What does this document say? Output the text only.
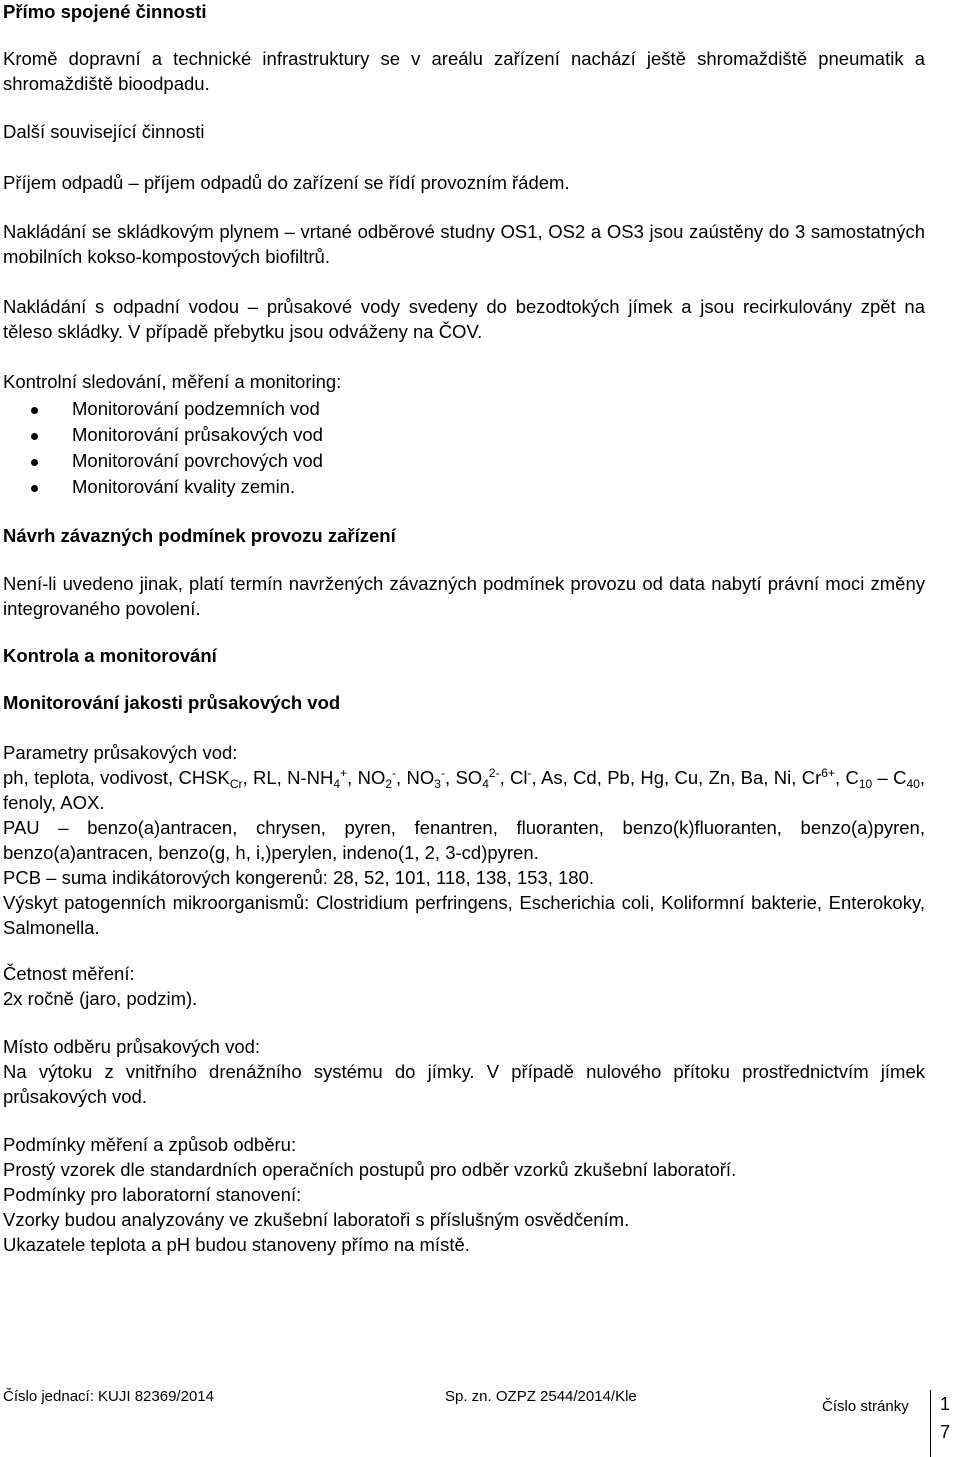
Přímo spojené činnosti

Kromě dopravní a technické infrastruktury se v areálu zařízení nachází ještě shromaždiště pneumatik a shromaždiště bioodpadu.

Další související činnosti

Příjem odpadů – příjem odpadů do zařízení se řídí provozním řádem.

Nakládání se skládkovým plynem – vrtané odběrové studny OS1, OS2 a OS3 jsou zaústěny do 3 samostatných mobilních kokso-kompostových biofiltrů.

Nakládání s odpadní vodou – průsakové vody svedeny do bezodtokých jímek a jsou recirkulovány zpět na těleso skládky. V případě přebytku jsou odváženy na ČOV.

Kontrolní sledování, měření a monitoring:

Monitorování podzemních vod
Monitorování průsakových vod
Monitorování povrchových vod
Monitorování kvality zemin.

Návrh závazných podmínek provozu zařízení

Není-li uvedeno jinak, platí termín navržených závazných podmínek provozu od data nabytí právní moci změny integrovaného povolení.

Kontrola a monitorování

Monitorování jakosti průsakových vod

Parametry průsakových vod:

ph, teplota, vodivost, $CHSK_{Cr}$, RL, $N-NH_4^+$, $NO_2^-$, $NO_3^-$, $SO_4^{2-}$, Cl-, As, Cd, Pb, Hg, Cu, Zn, Ba, Ni, $Cr^{6+}$, $C_{10} - C_{40}$, fenoly, AOX.

PAU – benzo(a)antracen, chrysen, pyren, fenantren, fluoranten, benzo(k)fluoranten, benzo(a)pyren, benzo(a)antracen, benzo(g, h, i,)perylen, indeno(1, 2, 3-cd)pyren.

PCB – suma indikátorových kongerenů: 28, 52, 101, 118, 138, 153, 180.

Výskyt patogenních mikroorganismů: Clostridium perfringens, Escherichia coli, Koliformní bakterie, Enterokoky, Salmonella.

Četnost měření:

2x ročně (jaro, podzim).

Místo odběru průsakových vod:

Na výtoku z vnitřního drenážního systému do jímky. V případě nulového přítoku prostřednictvím jímek průsakových vod.

Podmínky měření a způsob odběru:

Prostý vzorek dle standardních operačních postupů pro odběr vzorků zkušební laboratoří.

Podmínky pro laboratorní stanovení:

Vzorky budou analyzovány ve zkušební laboratoři s příslušným osvědčením.

Ukazatele teplota a pH budou stanoveny přímo na místě.

Číslo jednací: KUJI 82369/2014	Sp. zn. OZPZ 2544/2014/Kle
Číslo stránky 1
7
